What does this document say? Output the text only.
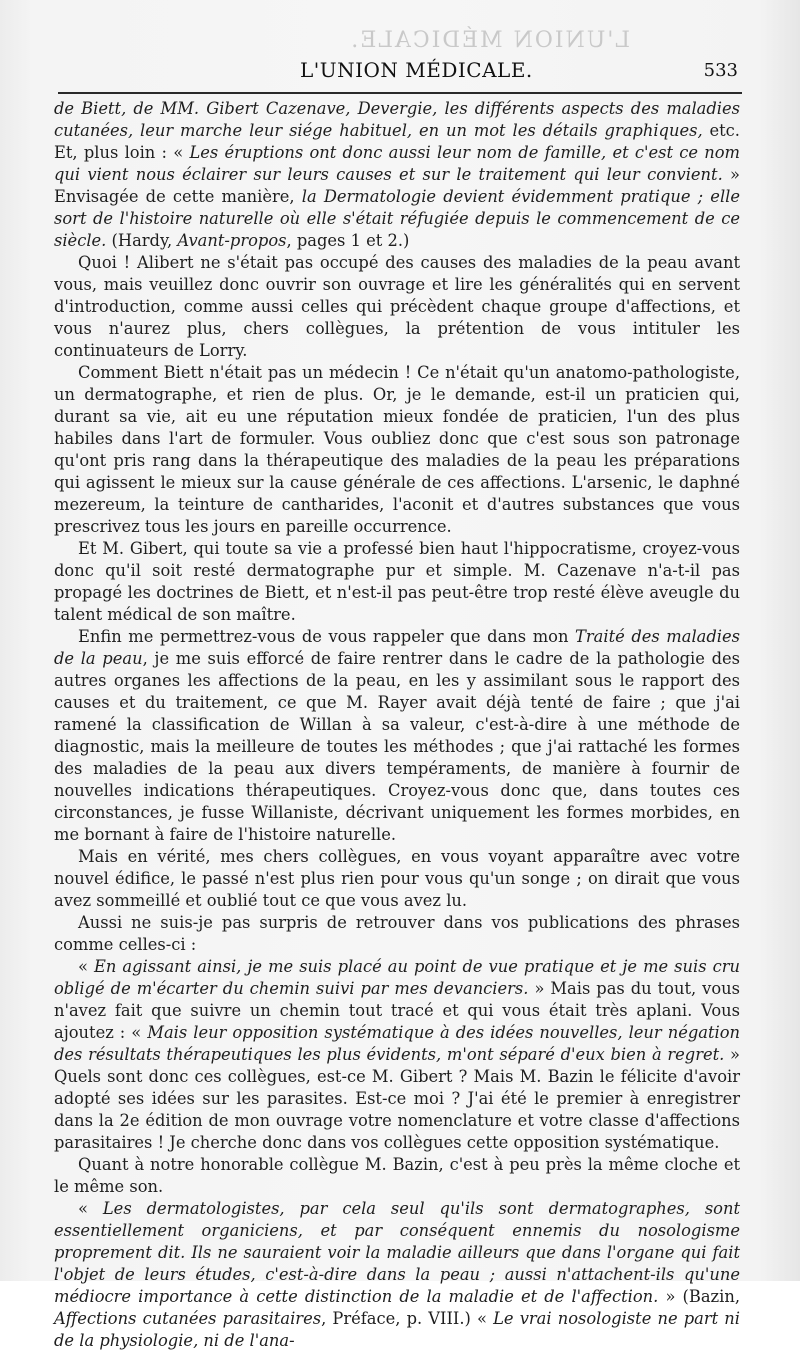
L'UNION MÉDICALE.
L'UNION MÉDICALE.	533

de Biett, de MM. Gibert Cazenave, Devergie, les différents aspects des maladies cutanées, leur marche leur siége habituel, en un mot les détails graphiques, etc. Et, plus loin : « Les éruptions ont donc aussi leur nom de famille, et c'est ce nom qui vient nous éclairer sur leurs causes et sur le traitement qui leur convient. » Envisagée de cette manière, la Dermatologie devient évidemment pratique ; elle sort de l'histoire naturelle où elle s'était réfugiée depuis le commencement de ce siècle. (Hardy, Avant-propos, pages 1 et 2.)

Quoi ! Alibert ne s'était pas occupé des causes des maladies de la peau avant vous, mais veuillez donc ouvrir son ouvrage et lire les généralités qui en servent d'introduction, comme aussi celles qui précèdent chaque groupe d'affections, et vous n'aurez plus, chers collègues, la prétention de vous intituler les continuateurs de Lorry.

Comment Biett n'était pas un médecin ! Ce n'était qu'un anatomo-pathologiste, un dermatographe, et rien de plus. Or, je le demande, est-il un praticien qui, durant sa vie, ait eu une réputation mieux fondée de praticien, l'un des plus habiles dans l'art de formuler. Vous oubliez donc que c'est sous son patronage qu'ont pris rang dans la thérapeutique des maladies de la peau les préparations qui agissent le mieux sur la cause générale de ces affections. L'arsenic, le daphné mezereum, la teinture de cantharides, l'aconit et d'autres substances que vous prescrivez tous les jours en pareille occurrence.

Et M. Gibert, qui toute sa vie a professé bien haut l'hippocratisme, croyez-vous donc qu'il soit resté dermatographe pur et simple. M. Cazenave n'a-t-il pas propagé les doctrines de Biett, et n'est-il pas peut-être trop resté élève aveugle du talent médical de son maître.

Enfin me permettrez-vous de vous rappeler que dans mon Traité des maladies de la peau, je me suis efforcé de faire rentrer dans le cadre de la pathologie des autres organes les affections de la peau, en les y assimilant sous le rapport des causes et du traitement, ce que M. Rayer avait déjà tenté de faire ; que j'ai ramené la classification de Willan à sa valeur, c'est-à-dire à une méthode de diagnostic, mais la meilleure de toutes les méthodes ; que j'ai rattaché les formes des maladies de la peau aux divers tempéraments, de manière à fournir de nouvelles indications thérapeutiques. Croyez-vous donc que, dans toutes ces circonstances, je fusse Willaniste, décrivant uniquement les formes morbides, en me bornant à faire de l'histoire naturelle.

Mais en vérité, mes chers collègues, en vous voyant apparaître avec votre nouvel édifice, le passé n'est plus rien pour vous qu'un songe ; on dirait que vous avez sommeillé et oublié tout ce que vous avez lu.

Aussi ne suis-je pas surpris de retrouver dans vos publications des phrases comme celles-ci :

« En agissant ainsi, je me suis placé au point de vue pratique et je me suis cru obligé de m'écarter du chemin suivi par mes devanciers. » Mais pas du tout, vous n'avez fait que suivre un chemin tout tracé et qui vous était très aplani. Vous ajoutez : « Mais leur opposition systématique à des idées nouvelles, leur négation des résultats thérapeutiques les plus évidents, m'ont séparé d'eux bien à regret. » Quels sont donc ces collègues, est-ce M. Gibert ? Mais M. Bazin le félicite d'avoir adopté ses idées sur les parasites. Est-ce moi ? J'ai été le premier à enregistrer dans la 2e édition de mon ouvrage votre nomenclature et votre classe d'affections parasitaires ! Je cherche donc dans vos collègues cette opposition systématique.

Quant à notre honorable collègue M. Bazin, c'est à peu près la même cloche et le même son.

« Les dermatologistes, par cela seul qu'ils sont dermatographes, sont essentiellement organiciens, et par conséquent ennemis du nosologisme proprement dit. Ils ne sauraient voir la maladie ailleurs que dans l'organe qui fait l'objet de leurs études, c'est-à-dire dans la peau ; aussi n'attachent-ils qu'une médiocre importance à cette distinction de la maladie et de l'affection. » (Bazin, Affections cutanées parasitaires, Préface, p. VIII.) « Le vrai nosologiste ne part ni de la physiologie, ni de l'ana-
